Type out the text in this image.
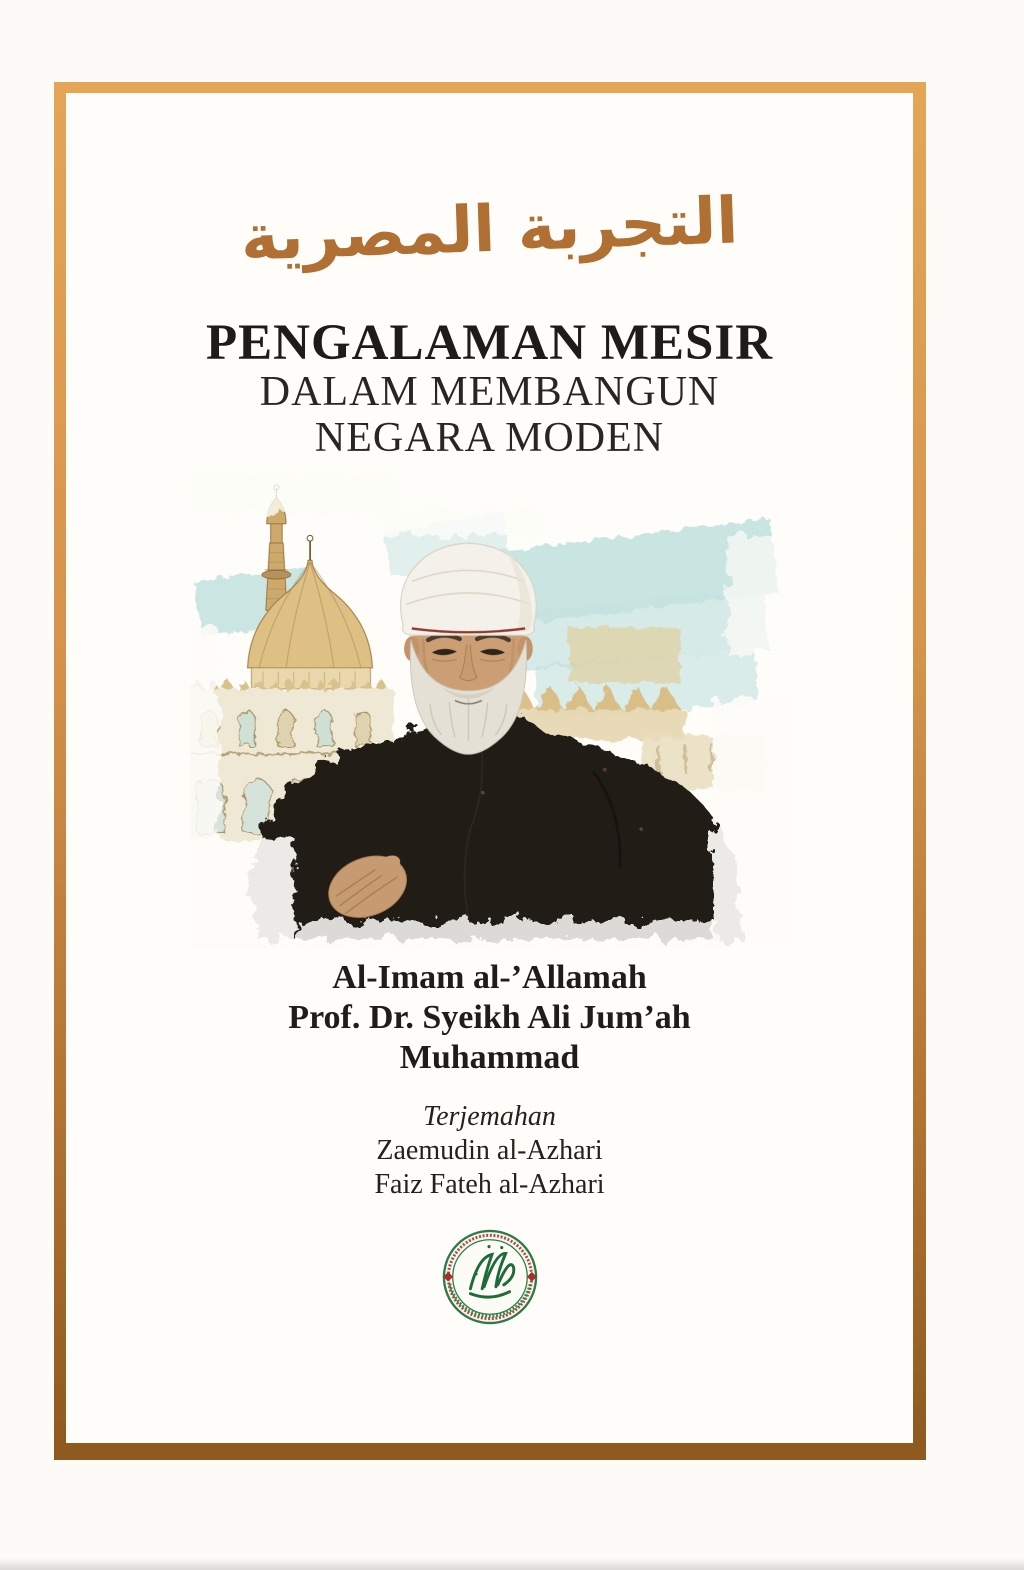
التجربة المصرية
PENGALAMAN MESIR
DALAM MEMBANGUN
NEGARA MODEN
Al-Imam al-’Allamah
Prof. Dr. Syeikh Ali Jum’ah
Muhammad
Terjemahan
Zaemudin al-Azhari
Faiz Fateh al-Azhari
